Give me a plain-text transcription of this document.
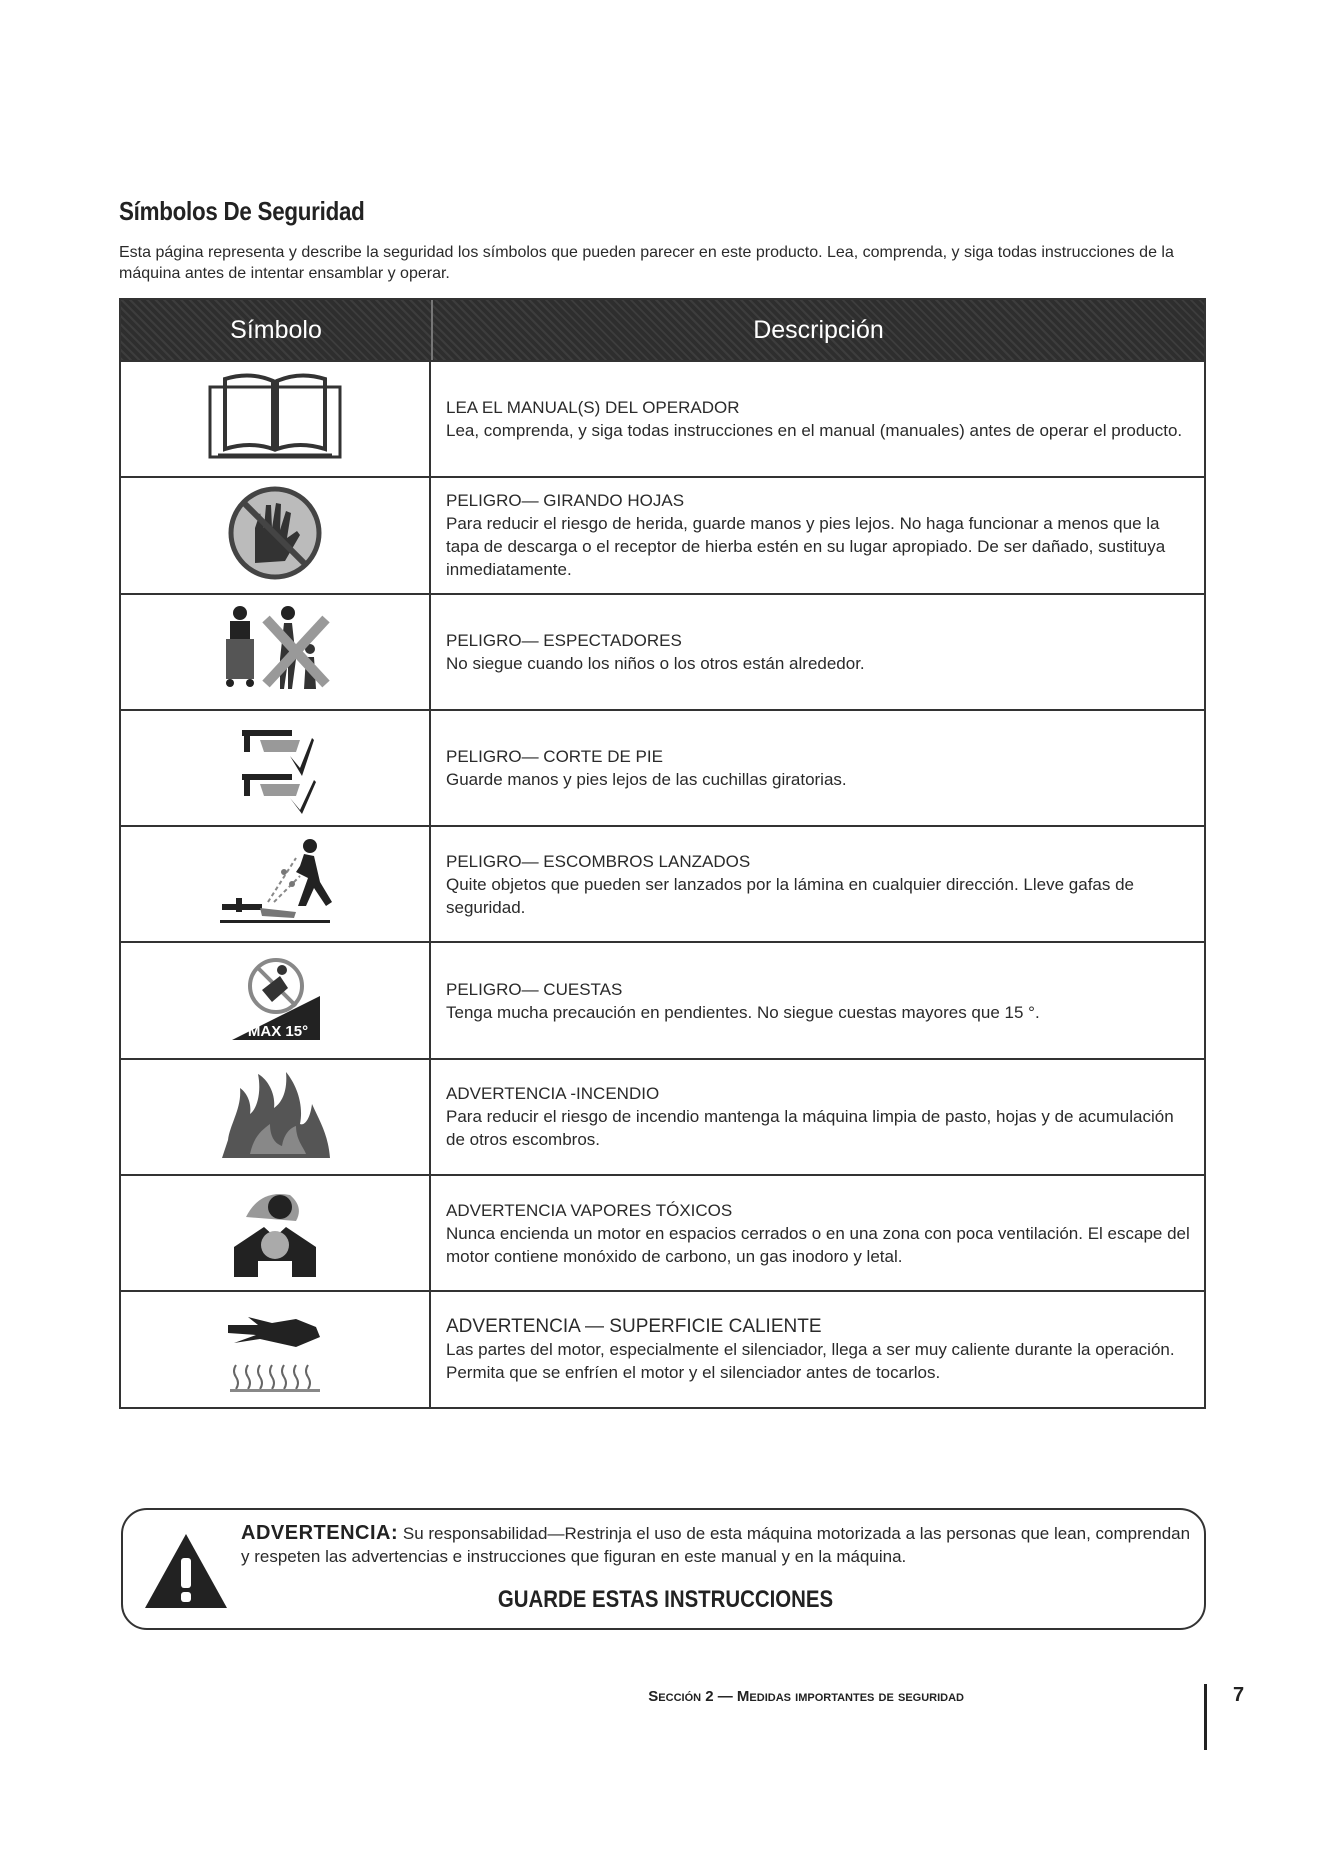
Símbolos De Seguridad
Esta página representa y describe la seguridad los símbolos que pueden parecer en este producto. Lea, comprenda, y siga todas instrucciones de la máquina antes de intentar ensamblar y operar.
Símbolo	Descripción
LEA EL MANUAL(S) DEL OPERADOR
Lea, comprenda, y siga todas instrucciones en el manual (manuales) antes de operar el producto.
PELIGRO— GIRANDO HOJAS
Para reducir el riesgo de herida, guarde manos y pies lejos. No haga funcionar a menos que la tapa de descarga o el receptor de hierba estén en su lugar apropiado. De ser dañado, sustituya inmediatamente.
PELIGRO— ESPECTADORES
No siegue cuando los niños o los otros están alrededor.
PELIGRO— CORTE DE PIE
Guarde manos y pies lejos de las cuchillas giratorias.
PELIGRO— ESCOMBROS LANZADOS
Quite objetos que pueden ser lanzados por la lámina en cualquier dirección. Lleve gafas de seguridad.
MAX 15°
PELIGRO— CUESTAS
Tenga mucha precaución en pendientes. No siegue cuestas mayores que 15 °.
ADVERTENCIA -INCENDIO
Para reducir el riesgo de incendio mantenga la máquina limpia de pasto, hojas y de acumulación de otros escombros.
ADVERTENCIA VAPORES TÓXICOS
Nunca encienda un motor en espacios cerrados o en una zona con poca ventilación. El escape del motor contiene monóxido de carbono, un gas inodoro y letal.
ADVERTENCIA — SUPERFICIE CALIENTE
Las partes del motor, especialmente el silenciador, llega a ser muy caliente durante la operación. Permita que se enfríen el motor y el silenciador antes de tocarlos.
ADVERTENCIA: Su responsabilidad—Restrinja el uso de esta máquina motorizada a las personas que lean, comprendan y respeten las advertencias e instrucciones que figuran en este manual y en la máquina.
GUARDE ESTAS INSTRUCCIONES
Sección 2 — Medidas importantes de seguridad	7
